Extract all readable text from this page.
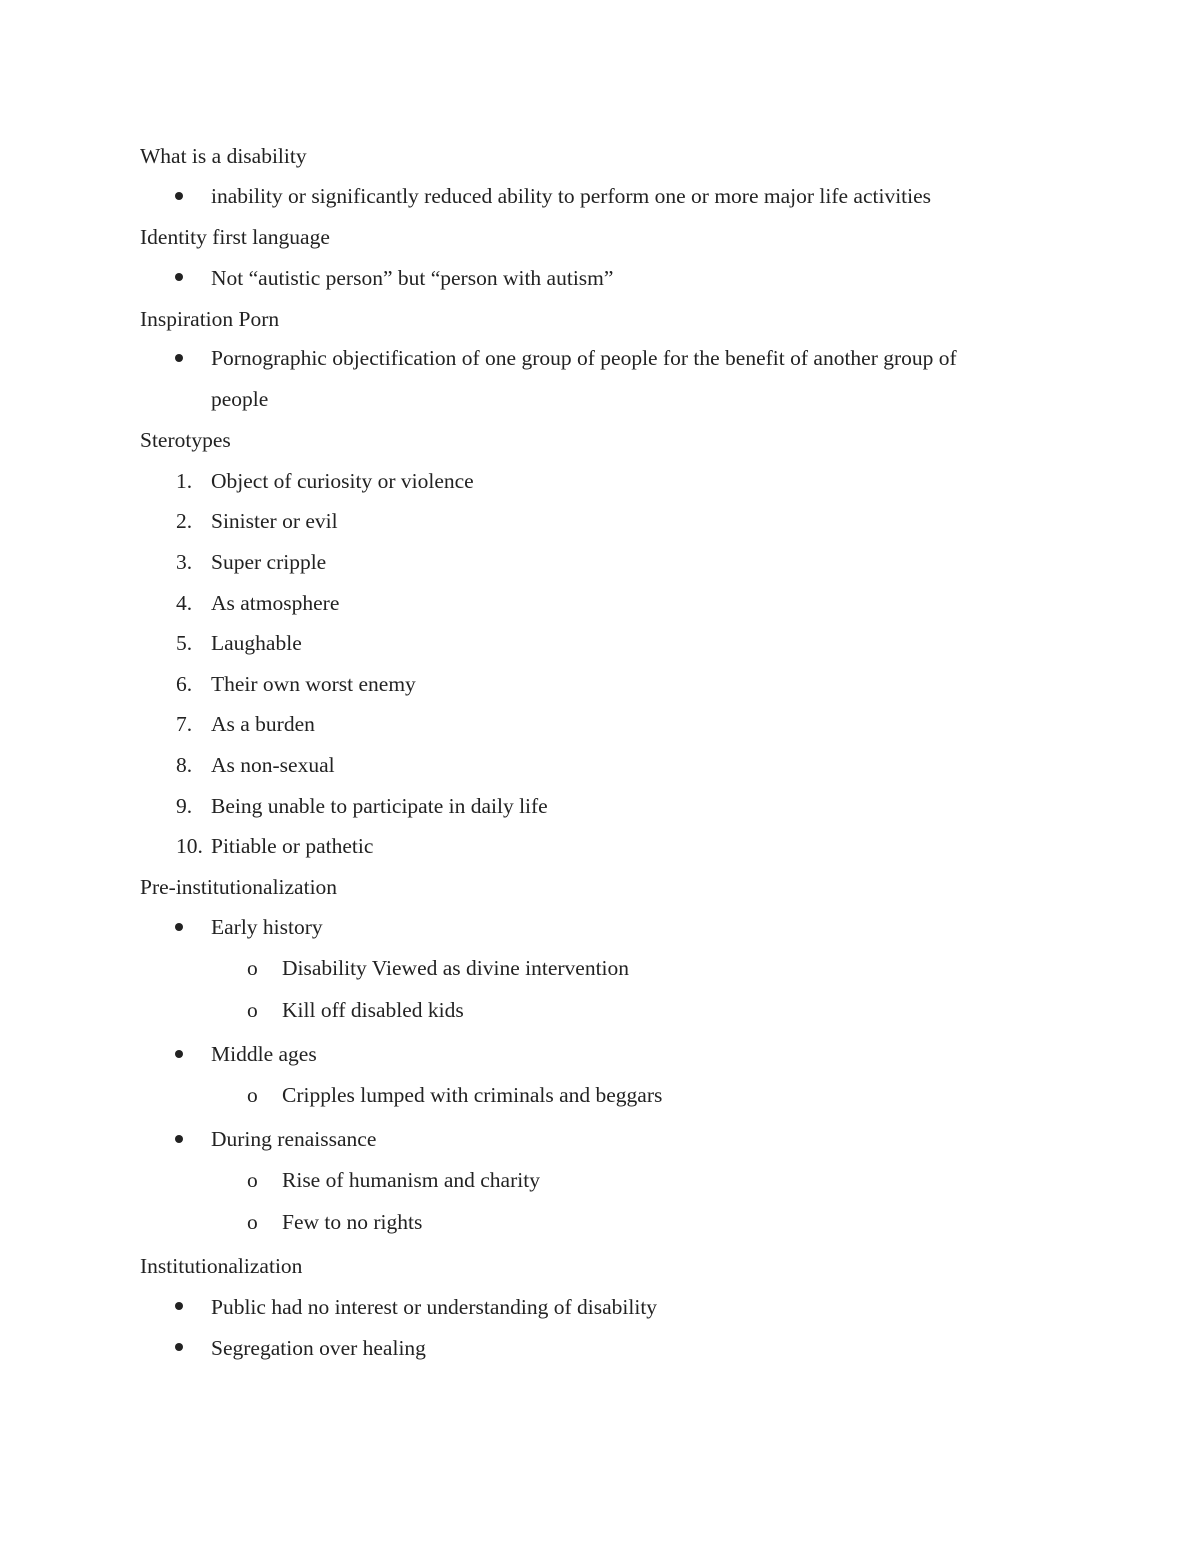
What is a disability
inability or significantly reduced ability to perform one or more major life activities
Identity first language
Not “autistic person” but “person with autism”
Inspiration Porn
Pornographic objectification of one group of people for the benefit of another group of
people
Sterotypes
1. Object of curiosity or violence
2. Sinister or evil
3. Super cripple
4. As atmosphere
5. Laughable
6. Their own worst enemy
7. As a burden
8. As non-sexual
9. Being unable to participate in daily life
10. Pitiable or pathetic
Pre-institutionalization
Early history
o Disability Viewed as divine intervention
o Kill off disabled kids
Middle ages
o Cripples lumped with criminals and beggars
During renaissance
o Rise of humanism and charity
o Few to no rights
Institutionalization
Public had no interest or understanding of disability
Segregation over healing
